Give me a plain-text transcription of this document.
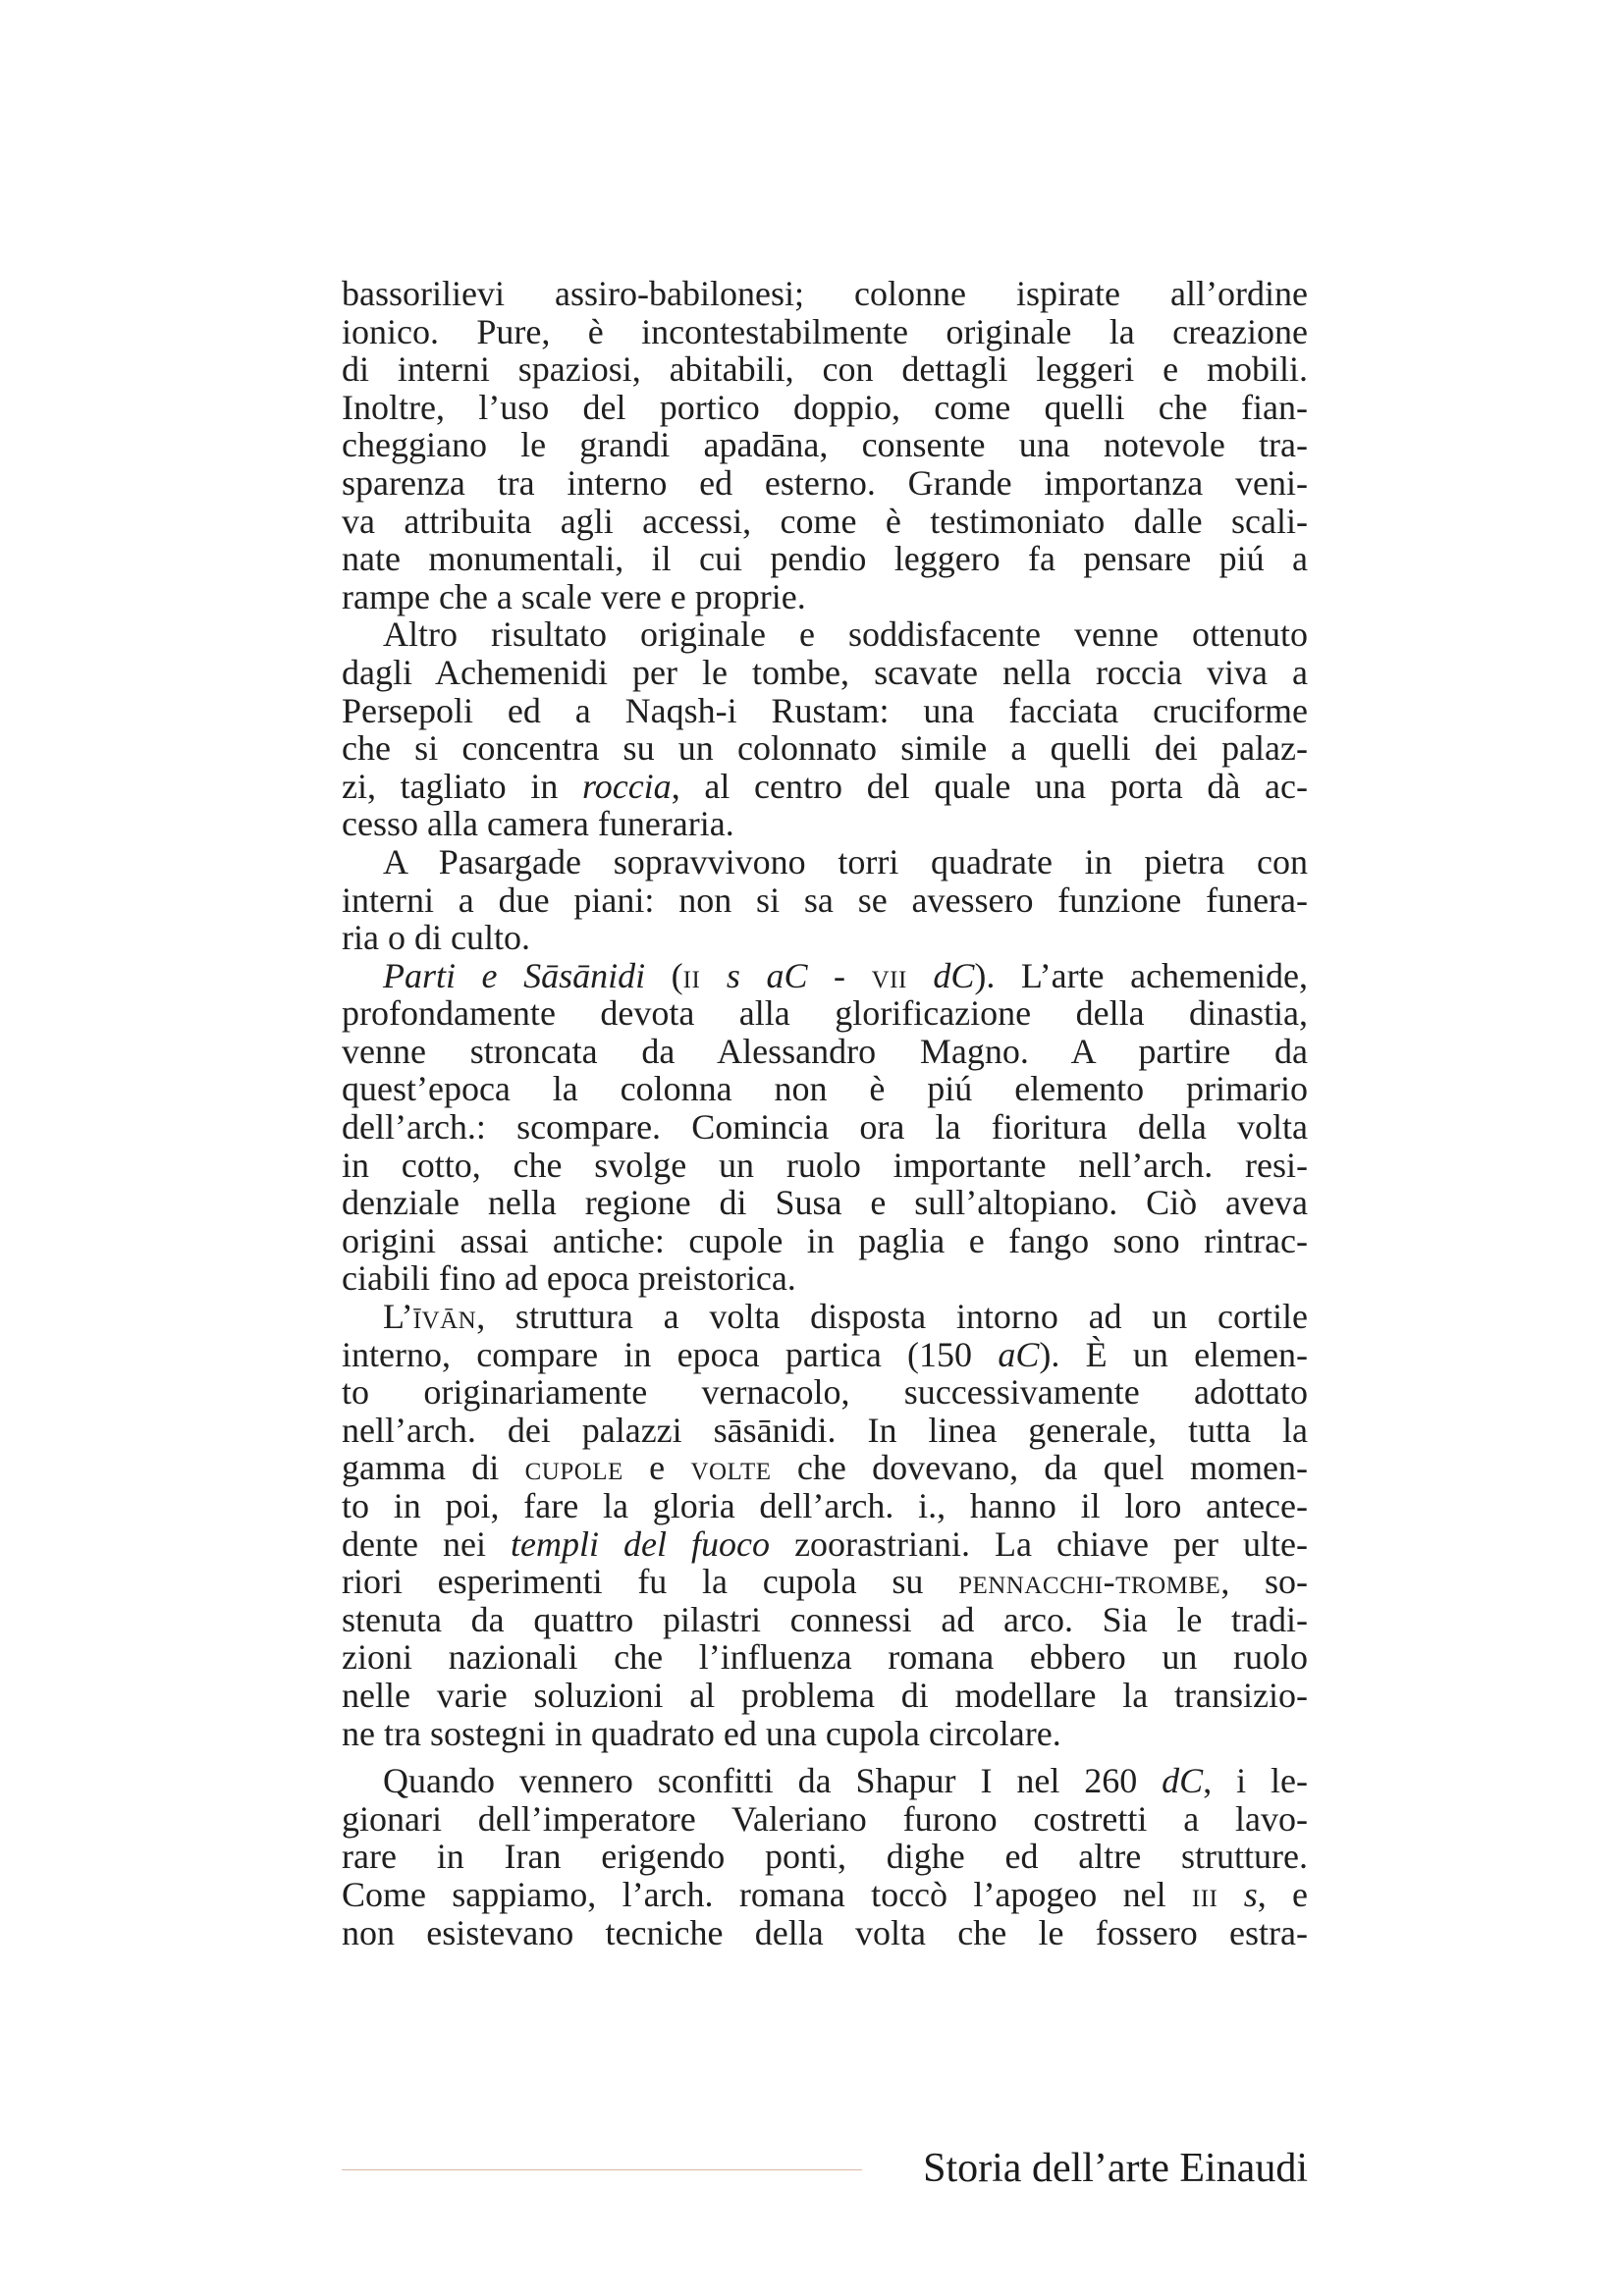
bassorilievi assiro-babilonesi; colonne ispirate all’ordine
ionico. Pure, è incontestabilmente originale la creazione
di interni spaziosi, abitabili, con dettagli leggeri e mobili.
Inoltre, l’uso del portico doppio, come quelli che fian-
cheggiano le grandi apadāna, consente una notevole tra-
sparenza tra interno ed esterno. Grande importanza veni-
va attribuita agli accessi, come è testimoniato dalle scali-
nate monumentali, il cui pendio leggero fa pensare piú a
rampe che a scale vere e proprie.
Altro risultato originale e soddisfacente venne ottenuto
dagli Achemenidi per le tombe, scavate nella roccia viva a
Persepoli ed a Naqsh-i Rustam: una facciata cruciforme
che si concentra su un colonnato simile a quelli dei palaz-
zi, tagliato in roccia, al centro del quale una porta dà ac-
cesso alla camera funeraria.
A Pasargade sopravvivono torri quadrate in pietra con
interni a due piani: non si sa se avessero funzione funera-
ria o di culto.
Parti e Sāsānidi (ii s aC - vii dC). L’arte achemenide,
profondamente devota alla glorificazione della dinastia,
venne stroncata da Alessandro Magno. A partire da
quest’epoca la colonna non è piú elemento primario
dell’arch.: scompare. Comincia ora la fioritura della volta
in cotto, che svolge un ruolo importante nell’arch. resi-
denziale nella regione di Susa e sull’altopiano. Ciò aveva
origini assai antiche: cupole in paglia e fango sono rintrac-
ciabili fino ad epoca preistorica.
L’īvān, struttura a volta disposta intorno ad un cortile
interno, compare in epoca partica (150 aC). È un elemen-
to originariamente vernacolo, successivamente adottato
nell’arch. dei palazzi sāsānidi. In linea generale, tutta la
gamma di cupole e volte che dovevano, da quel momen-
to in poi, fare la gloria dell’arch. i., hanno il loro antece-
dente nei templi del fuoco zoorastriani. La chiave per ulte-
riori esperimenti fu la cupola su pennacchi-trombe, so-
stenuta da quattro pilastri connessi ad arco. Sia le tradi-
zioni nazionali che l’influenza romana ebbero un ruolo
nelle varie soluzioni al problema di modellare la transizio-
ne tra sostegni in quadrato ed una cupola circolare.
Quando vennero sconfitti da Shapur I nel 260 dC, i le-
gionari dell’imperatore Valeriano furono costretti a lavo-
rare in Iran erigendo ponti, dighe ed altre strutture.
Come sappiamo, l’arch. romana toccò l’apogeo nel iii s, e
non esistevano tecniche della volta che le fossero estra-
Storia dell’arte Einaudi
